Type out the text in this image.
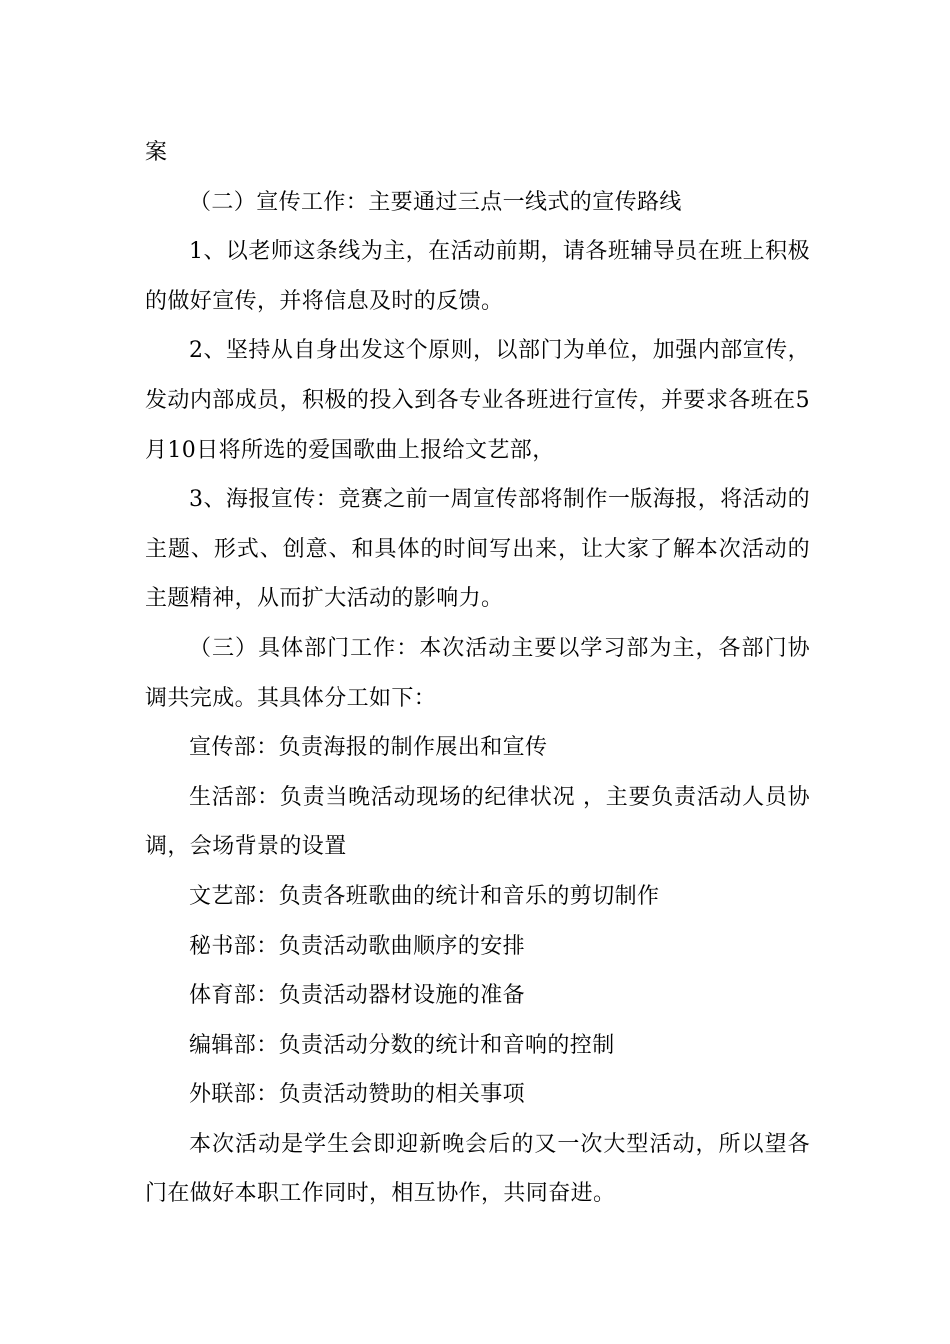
案

（二）宣传工作：主要通过三点一线式的宣传路线

1、以老师这条线为主，在活动前期，请各班辅导员在班上积极的做好宣传，并将信息及时的反馈。

2、坚持从自身出发这个原则，以部门为单位，加强内部宣传，发动内部成员，积极的投入到各专业各班进行宣传，并要求各班在5月10日将所选的爱国歌曲上报给文艺部，

3、海报宣传：竞赛之前一周宣传部将制作一版海报，将活动的主题、形式、创意、和具体的时间写出来，让大家了解本次活动的主题精神，从而扩大活动的影响力。

（三）具体部门工作：本次活动主要以学习部为主，各部门协调共完成。其具体分工如下：

宣传部：负责海报的制作展出和宣传

生活部：负责当晚活动现场的纪律状况 ，主要负责活动人员协调，会场背景的设置

文艺部：负责各班歌曲的统计和音乐的剪切制作

秘书部：负责活动歌曲顺序的安排

体育部：负责活动器材设施的准备

编辑部：负责活动分数的统计和音响的控制

外联部：负责活动赞助的相关事项

本次活动是学生会即迎新晚会后的又一次大型活动，所以望各门在做好本职工作同时，相互协作，共同奋进。
